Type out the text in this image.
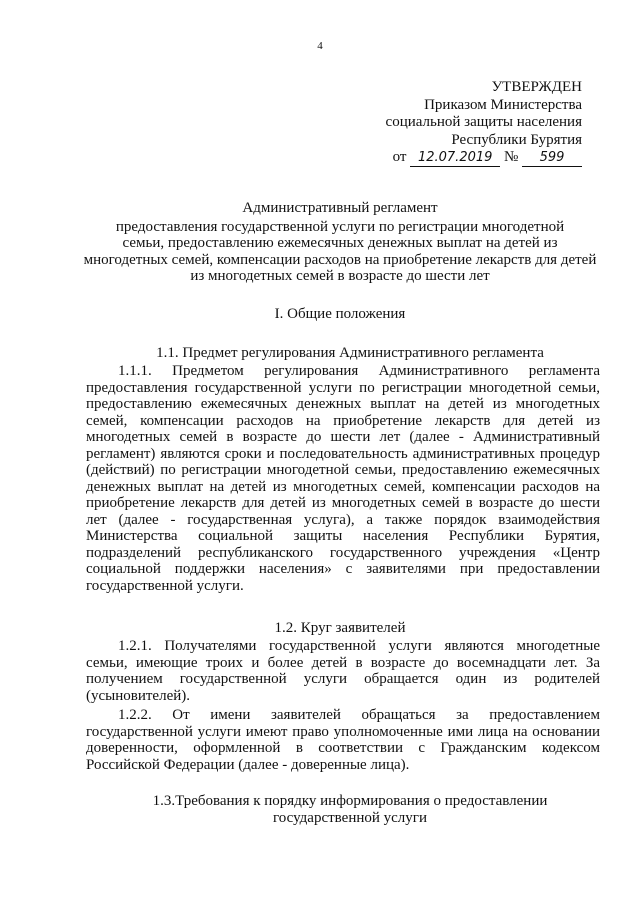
4
УТВЕРЖДЕН
Приказом Министерства
социальной защиты населения
Республики Бурятия
от 12.07.2019 № 599
Административный регламент
предоставления государственной услуги по регистрации многодетной
семьи, предоставлению ежемесячных денежных выплат на детей из
многодетных семей, компенсации расходов на приобретение лекарств для детей
из многодетных семей в возрасте до шести лет
I. Общие положения
1.1. Предмет регулирования Административного регламента

1.1.1. Предметом регулирования Административного регламента предоставления государственной услуги по регистрации многодетной семьи, предоставлению ежемесячных денежных выплат на детей из многодетных семей, компенсации расходов на приобретение лекарств для детей из многодетных семей в возрасте до шести лет (далее - Административный регламент) являются сроки и последовательность административных процедур (действий) по регистрации многодетной семьи, предоставлению ежемесячных денежных выплат на детей из многодетных семей, компенсации расходов на приобретение лекарств для детей из многодетных семей в возрасте до шести лет (далее - государственная услуга), а также порядок взаимодействия Министерства социальной защиты населения Республики Бурятия, подразделений республиканского государственного учреждения «Центр социальной поддержки населения» с заявителями при предоставлении государственной услуги.

1.2. Круг заявителей

1.2.1. Получателями государственной услуги являются многодетные семьи, имеющие троих и более детей в возрасте до восемнадцати лет. За получением государственной услуги обращается один из родителей (усыновителей).

1.2.2. От имени заявителей обращаться за предоставлением государственной услуги имеют право уполномоченные ими лица на основании доверенности, оформленной в соответствии с Гражданским кодексом Российской Федерации (далее - доверенные лица).

1.3.Требования к порядку информирования о предоставлении
государственной услуги
